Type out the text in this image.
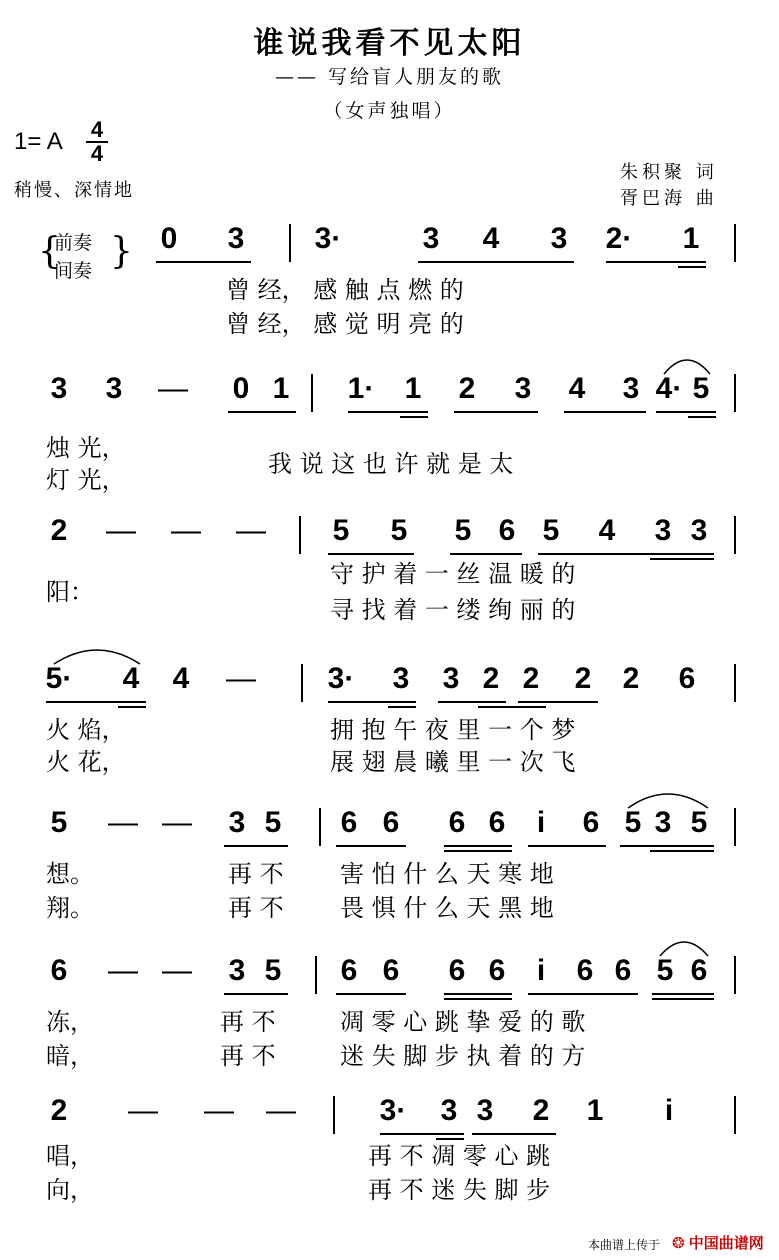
谁说我看不见太阳
—— 写给盲人朋友的歌
（女声独唱）
1= A 4
4
稍慢、深情地
朱积聚 词
胥巴海 曲
前奏
间奏
{ } 0 3 3·	3 4 3 2· 1
3 3 — 0 1 1· 1 2 3 4 3 4· 5
2 — — — 5 5 5 6 5 4 3 3
5· 4 4 — 3· 3 3 2 2 2 2 6
5 — — 3 5 6 6 6 6	i	6 5 3 5
6 — — 3 5 6 6 6 6	i	6 6 5 6
2 — — —	3· 3 3 2 1	i
曾 经， 感 触 点 燃 的
曾 经， 感 觉 明 亮 的
烛 光，
灯 光，
我 说 这 也 许 就 是 太
阳：
守 护 着 一 丝 温 暖 的
寻 找 着 一 缕 绚 丽 的
火 焰，
火 花，
拥 抱 午 夜 里 一 个 梦
展 翅 晨 曦 里 一 次 飞
想。
翔。
再 不
再 不
害 怕 什 么 天 寒 地
畏 惧 什 么 天 黑 地
冻，
暗，
再 不
再 不
凋 零 心 跳 挚 爱 的 歌
迷 失 脚 步 执 着 的 方
唱，
向，
再 不 凋 零 心 跳
再 不 迷 失 脚 步
本曲谱上传于 ❂ 中国曲谱网
